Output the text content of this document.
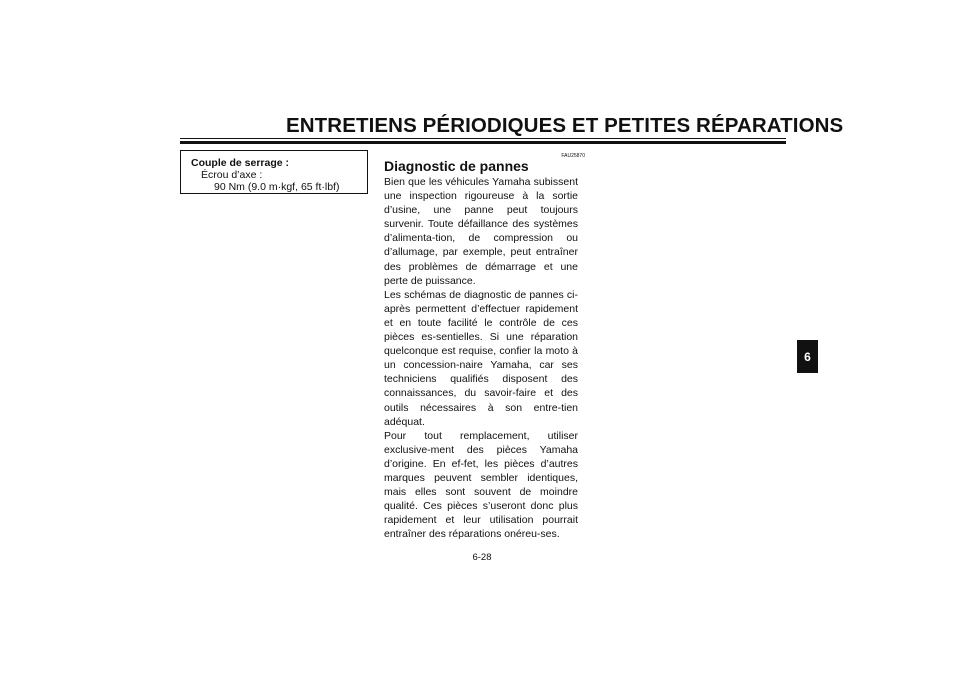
ENTRETIENS PÉRIODIQUES ET PETITES RÉPARATIONS
Couple de serrage :
Écrou d’axe :
90 Nm (9.0 m·kgf, 65 ft·lbf)
FAU25870
Diagnostic de pannes

Bien que les véhicules Yamaha subissent une inspection rigoureuse à la sortie d’usine, une panne peut toujours survenir. Toute défaillance des systèmes d’alimenta-tion, de compression ou d’allumage, par exemple, peut entraîner des problèmes de démarrage et une perte de puissance.

Les schémas de diagnostic de pannes ci-après permettent d’effectuer rapidement et en toute facilité le contrôle de ces pièces es-sentielles. Si une réparation quelconque est requise, confier la moto à un concession-naire Yamaha, car ses techniciens qualifiés disposent des connaissances, du savoir-faire et des outils nécessaires à son entre-tien adéquat.

Pour tout remplacement, utiliser exclusive-ment des pièces Yamaha d’origine. En ef-fet, les pièces d’autres marques peuvent sembler identiques, mais elles sont souvent de moindre qualité. Ces pièces s’useront donc plus rapidement et leur utilisation pourrait entraîner des réparations onéreu-ses.

6
6-28
